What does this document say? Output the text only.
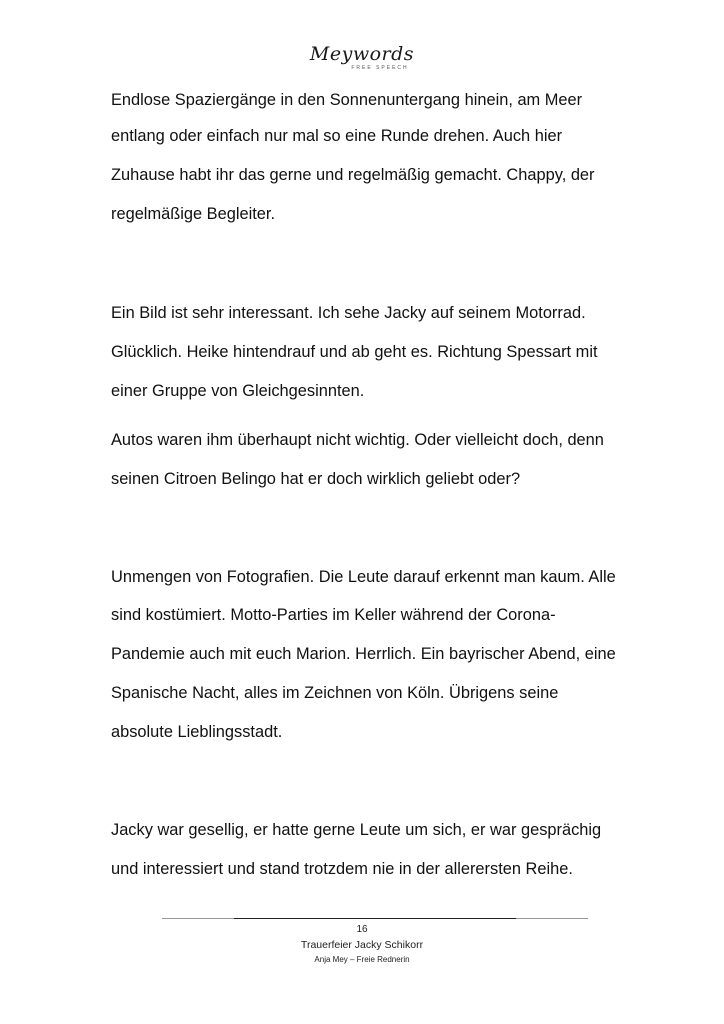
Meywords
FREE SPEECH

Endlose Spaziergänge in den Sonnenuntergang hinein, am Meer

entlang oder einfach nur mal so eine Runde drehen. Auch hier

Zuhause habt ihr das gerne und regelmäßig gemacht. Chappy, der

regelmäßige Begleiter.

Ein Bild ist sehr interessant. Ich sehe Jacky auf seinem Motorrad.

Glücklich. Heike hintendrauf und ab geht es. Richtung Spessart mit

einer Gruppe von Gleichgesinnten.

Autos waren ihm überhaupt nicht wichtig. Oder vielleicht doch, denn

seinen Citroen Belingo hat er doch wirklich geliebt oder?

Unmengen von Fotografien. Die Leute darauf erkennt man kaum. Alle

sind kostümiert. Motto-Parties im Keller während der Corona-

Pandemie auch mit euch Marion. Herrlich. Ein bayrischer Abend, eine

Spanische Nacht, alles im Zeichnen von Köln. Übrigens seine

absolute Lieblingsstadt.

Jacky war gesellig, er hatte gerne Leute um sich, er war gesprächig

und interessiert und stand trotzdem nie in der allerersten Reihe.

16
Trauerfeier Jacky Schikorr
Anja Mey – Freie Rednerin
